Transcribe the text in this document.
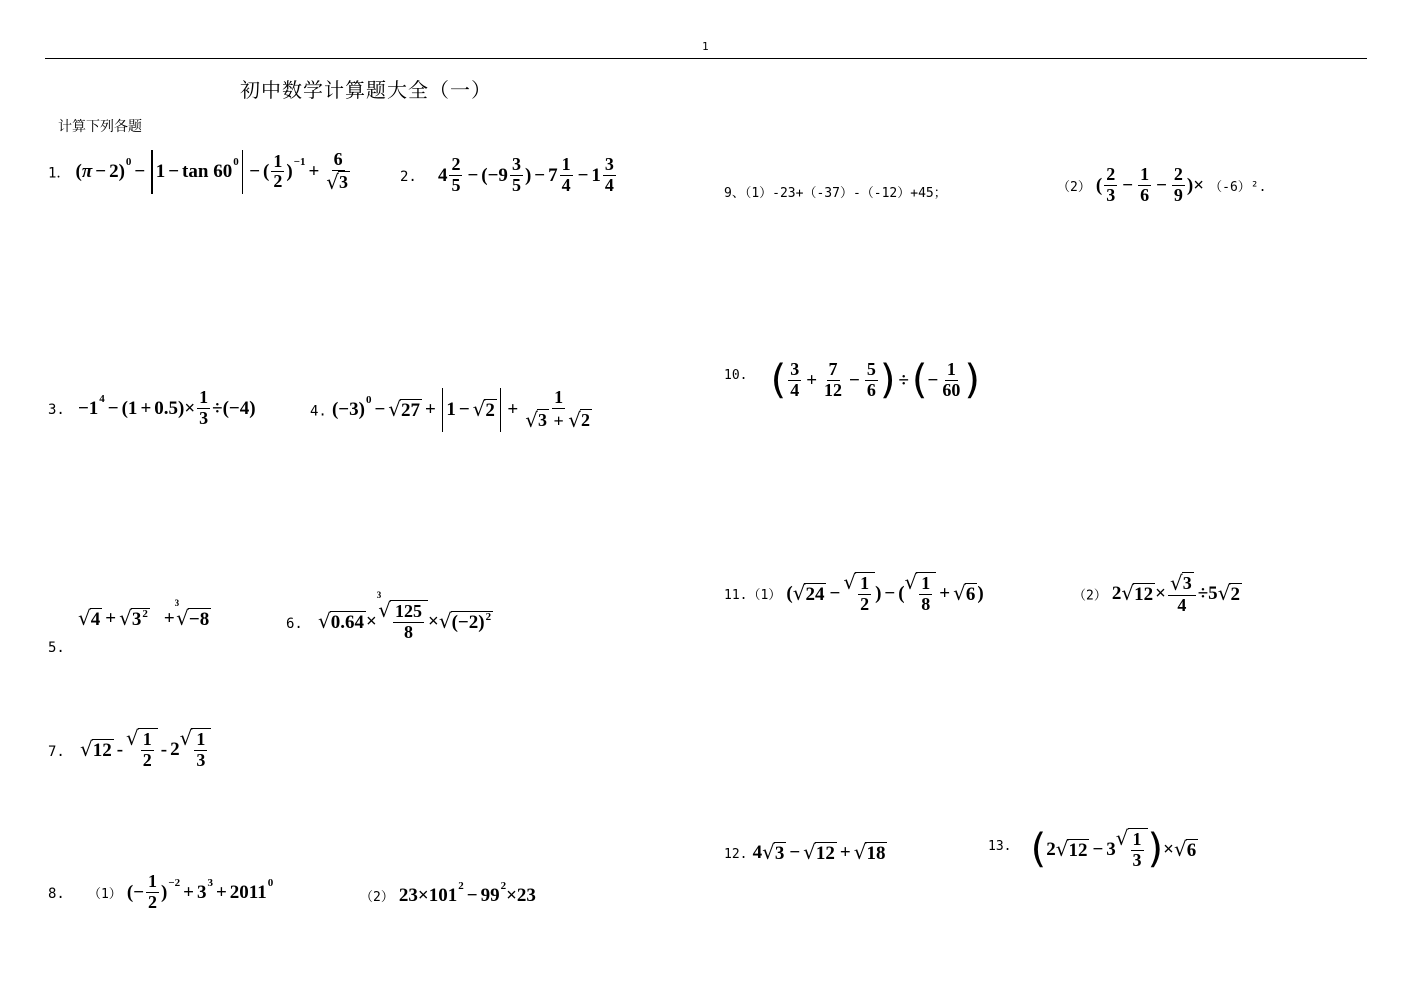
1
初中数学计算题大全（一）
计算下列各题
1． ( π − 2) 0 − 1 − tan 60 0 − ( $\frac{1}{2}$ ) $-1 + \frac{6}{√ 3}$	2. $4 \frac{2}{5} - (-9 \frac{3}{5}$ ) − $7 \frac{1}{4} - 1 \frac{3}{4}$	9、（1）-23+（-37）-（-12）+45；	（2） ( $\frac{2}{3} - \frac{1}{6} - \frac{2}{9}$ )× （-6）².
$^{10.}$ ( $\frac{3}{4} + \frac{7}{12} - \frac{5}{6}$ ) ÷ ( − $\frac{1}{60}$ )
3. −1 $4 - (1 + 0.5)\times \frac{1}{3} \div(-4)$	4. (−3) 0 − √ 27 + 1 − √ $2 + \frac{1}{√ 3 + √ 2}$
11.（1） ( √ 24 − √ $\frac{1}{2}$ ) − ( √ $\frac{1}{8}$ + √ 6 )	（2） 2 √ $12 \times \frac{√ 3}{4} \div 5$ √ 2
√ 4 + √ 3 2 +
3
√ −8
5.
6. √ 0.64 ×
3
√ $\frac{125}{8}$ × √ (−2) 2
7. √ 12 - √ $\frac{1}{2} - 2$ √ $\frac{1}{3}$
12. 4 √ 3 − √ 12 + √ 18	$^{13.}$ ( 2 √ 12 − 3 √ $\frac{1}{3}$ ) × √ 6
8. （1） (− $\frac{1}{2}$ ) −2 + 3 3 + 2011 0
（2） 23×101 2 − 99 2 ×23
